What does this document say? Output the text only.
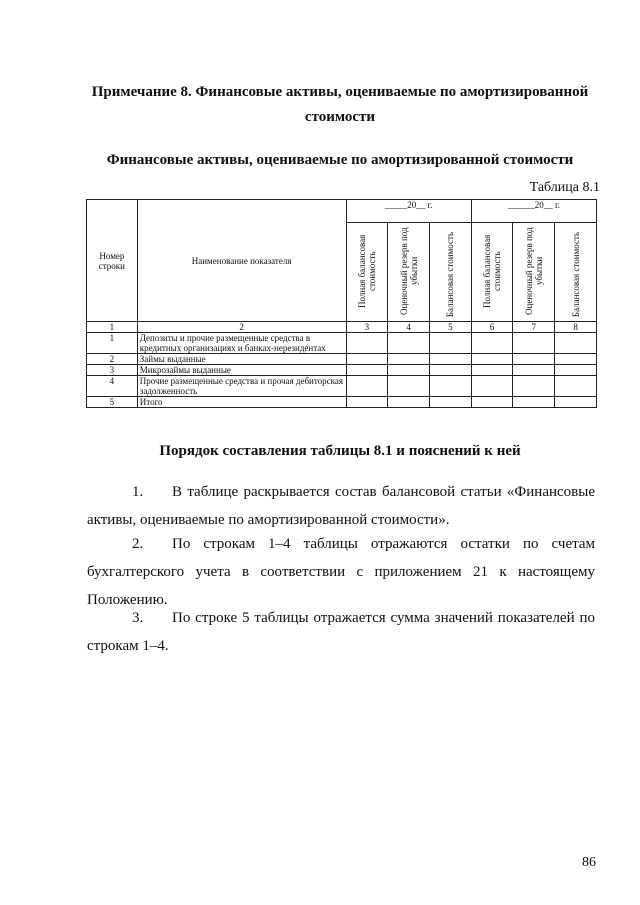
Примечание 8. Финансовые активы, оцениваемые по амортизированной стоимости
Финансовые активы, оцениваемые по амортизированной стоимости
Таблица 8.1
Номер строки	Наименование показателя	_____20__ г.			______20__ г.		
		Полная балансовая стоимость	Оценочный резерв под убытки	Балансовая стоимость	Полная балансовая стоимость	Оценочный резерв под убытки	Балансовая стоимость
1	2	3	4	5	6	7	8
1	Депозиты и прочие размещенные средства в кредитных организациях и банках-нерезидентах						
2	Займы выданные						
3	Микрозаймы выданные						
4	Прочие размещенные средства и прочая дебиторская задолженность						
5	Итого						
Порядок составления таблицы 8.1 и пояснений к ней
1. В таблице раскрывается состав балансовой статьи «Финансовые активы, оцениваемые по амортизированной стоимости».
2. По строкам 1–4 таблицы отражаются остатки по счетам бухгалтерского учета в соответствии с приложением 21 к настоящему Положению.
3. По строке 5 таблицы отражается сумма значений показателей по строкам 1–4.
86
